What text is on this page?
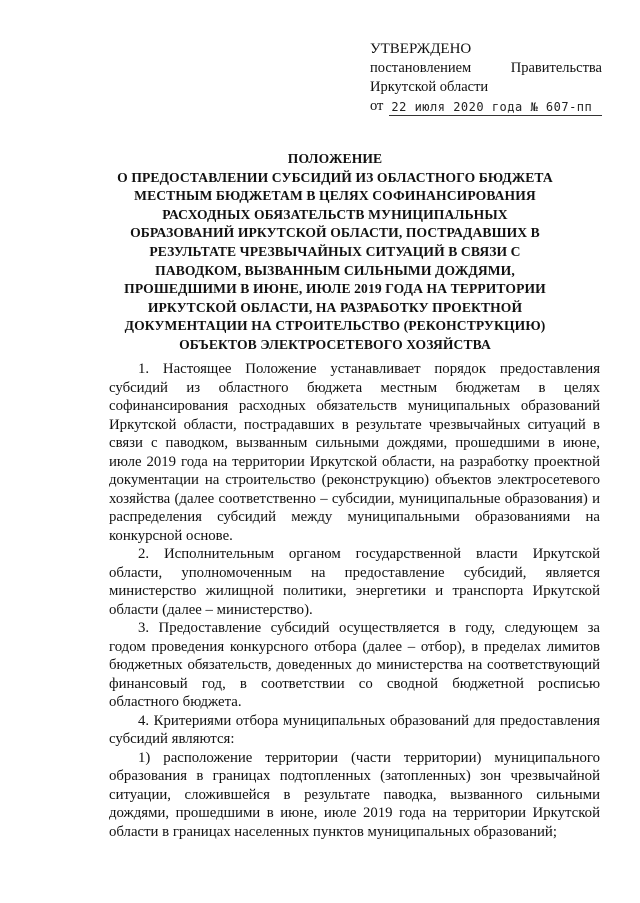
УТВЕРЖДЕНО
постановлением	Правительства
Иркутской области
от 22 июля 2020 года № 607-пп
ПОЛОЖЕНИЕ
О ПРЕДОСТАВЛЕНИИ СУБСИДИЙ ИЗ ОБЛАСТНОГО БЮДЖЕТА
МЕСТНЫМ БЮДЖЕТАМ В ЦЕЛЯХ СОФИНАНСИРОВАНИЯ
РАСХОДНЫХ ОБЯЗАТЕЛЬСТВ МУНИЦИПАЛЬНЫХ
ОБРАЗОВАНИЙ ИРКУТСКОЙ ОБЛАСТИ, ПОСТРАДАВШИХ В
РЕЗУЛЬТАТЕ ЧРЕЗВЫЧАЙНЫХ СИТУАЦИЙ В СВЯЗИ С
ПАВОДКОМ, ВЫЗВАННЫМ СИЛЬНЫМИ ДОЖДЯМИ,
ПРОШЕДШИМИ В ИЮНЕ, ИЮЛЕ 2019 ГОДА НА ТЕРРИТОРИИ
ИРКУТСКОЙ ОБЛАСТИ, НА РАЗРАБОТКУ ПРОЕКТНОЙ
ДОКУМЕНТАЦИИ НА СТРОИТЕЛЬСТВО (РЕКОНСТРУКЦИЮ)
ОБЪЕКТОВ ЭЛЕКТРОСЕТЕВОГО ХОЗЯЙСТВА

1. Настоящее Положение устанавливает порядок предоставления субсидий из областного бюджета местным бюджетам в целях софинансирования расходных обязательств муниципальных образований Иркутской области, пострадавших в результате чрезвычайных ситуаций в связи с паводком, вызванным сильными дождями, прошедшими в июне, июле 2019 года на территории Иркутской области, на разработку проектной документации на строительство (реконструкцию) объектов электросетевого хозяйства (далее соответственно – субсидии, муниципальные образования) и распределения субсидий между муниципальными образованиями на конкурсной основе.

2. Исполнительным органом государственной власти Иркутской области, уполномоченным на предоставление субсидий, является министерство жилищной политики, энергетики и транспорта Иркутской области (далее – министерство).

3. Предоставление субсидий осуществляется в году, следующем за годом проведения конкурсного отбора (далее – отбор), в пределах лимитов бюджетных обязательств, доведенных до министерства на соответствующий финансовый год, в соответствии со сводной бюджетной росписью областного бюджета.

4. Критериями отбора муниципальных образований для предоставления субсидий являются:

1) расположение территории (части территории) муниципального образования в границах подтопленных (затопленных) зон чрезвычайной ситуации, сложившейся в результате паводка, вызванного сильными дождями, прошедшими в июне, июле 2019 года на территории Иркутской области в границах населенных пунктов муниципальных образований;
